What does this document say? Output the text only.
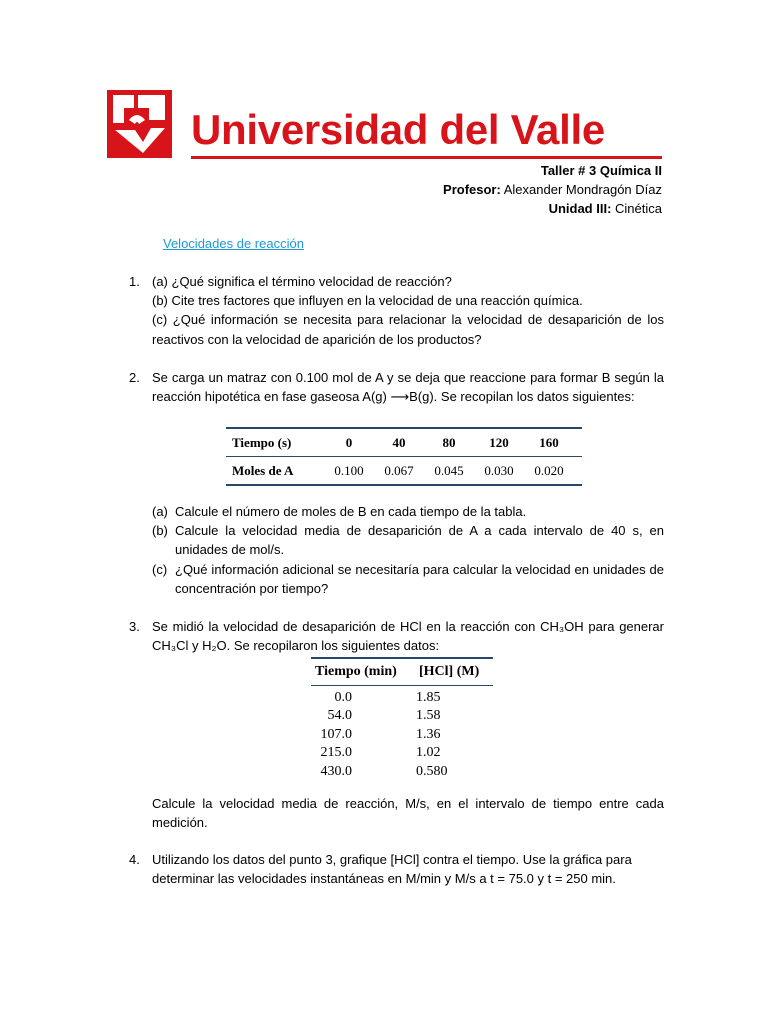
Universidad del Valle
Taller # 3 Química II
Profesor: Alexander Mondragón Díaz
Unidad III: Cinética
Velocidades de reacción
1. (a) ¿Qué significa el término velocidad de reacción?
(b) Cite tres factores que influyen en la velocidad de una reacción química.
(c) ¿Qué información se necesita para relacionar la velocidad de desaparición de los reactivos con la velocidad de aparición de los productos?
2. Se carga un matraz con 0.100 mol de A y se deja que reaccione para formar B según la reacción hipotética en fase gaseosa A(g) ⟶B(g). Se recopilan los datos siguientes:
Tiempo (s)	0	40	80	120	160
Moles de A	0.100	0.067	0.045	0.030	0.020
(a) Calcule el número de moles de B en cada tiempo de la tabla.
(b) Calcule la velocidad media de desaparición de A a cada intervalo de 40 s, en unidades de mol/s.
(c) ¿Qué información adicional se necesitaría para calcular la velocidad en unidades de concentración por tiempo?
3. Se midió la velocidad de desaparición de HCl en la reacción con CH₃OH para generar CH₃Cl y H₂O. Se recopilaron los siguientes datos:
Tiempo (min)	[HCl] (M)
0.0	1.85
54.0	1.58
107.0	1.36
215.0	1.02
430.0	0.580
Calcule la velocidad media de reacción, M/s, en el intervalo de tiempo entre cada medición.
4. Utilizando los datos del punto 3, grafique [HCl] contra el tiempo. Use la gráfica para
determinar las velocidades instantáneas en M/min y M/s a t = 75.0 y t = 250 min.
